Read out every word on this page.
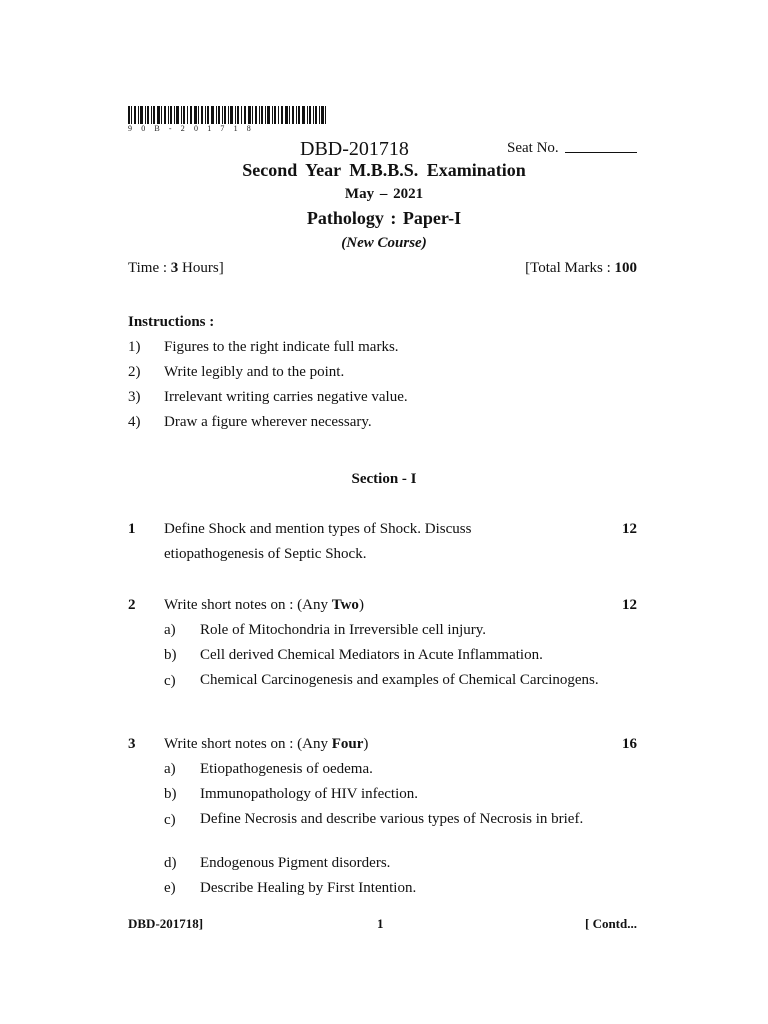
90B-201718
DBD-201718	Seat No.
Second Year M.B.B.S. Examination
May – 2021
Pathology : Paper-I
(New Course)
Time : 3 Hours]	[Total Marks : 100
Instructions :
1) Figures to the right indicate full marks.
2) Write legibly and to the point.
3) Irrelevant writing carries negative value.
4) Draw a figure wherever necessary.
Section - I
1 Define Shock and mention types of Shock. Discuss
etiopathogenesis of Septic Shock.
12
2 Write short notes on : (Any Two)	12
a) Role of Mitochondria in Irreversible cell injury.
b) Cell derived Chemical Mediators in Acute Inflammation.
c) Chemical Carcinogenesis and examples of Chemical Carcinogens.
3 Write short notes on : (Any Four)	16
a) Etiopathogenesis of oedema.
b) Immunopathology of HIV infection.
c) Define Necrosis and describe various types of Necrosis in brief.
d) Endogenous Pigment disorders.
e) Describe Healing by First Intention.
DBD-201718]	1	[ Contd...
